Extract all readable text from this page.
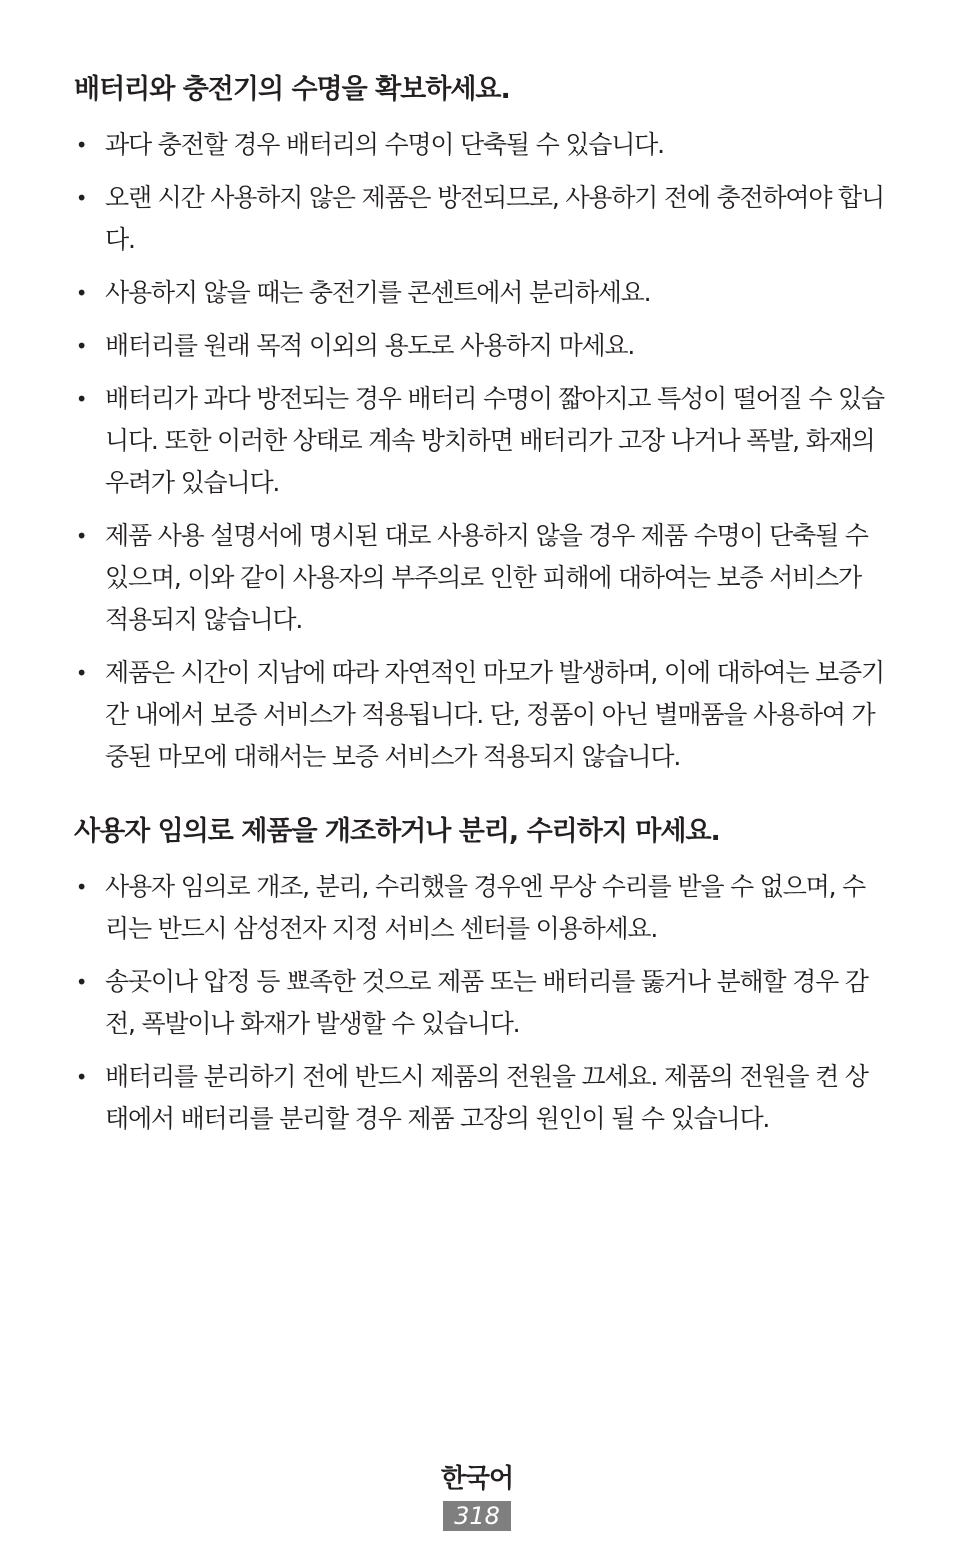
배터리와 충전기의 수명을 확보하세요.
• 과다 충전할 경우 배터리의 수명이 단축될 수 있습니다.
• 오랜 시간 사용하지 않은 제품은 방전되므로, 사용하기 전에 충전하여야 합니다.
• 사용하지 않을 때는 충전기를 콘센트에서 분리하세요.
• 배터리를 원래 목적 이외의 용도로 사용하지 마세요.
• 배터리가 과다 방전되는 경우 배터리 수명이 짧아지고 특성이 떨어질 수 있습니다. 또한 이러한 상태로 계속 방치하면 배터리가 고장 나거나 폭발, 화재의 우려가 있습니다.
• 제품 사용 설명서에 명시된 대로 사용하지 않을 경우 제품 수명이 단축될 수 있으며, 이와 같이 사용자의 부주의로 인한 피해에 대하여는 보증 서비스가 적용되지 않습니다.
• 제품은 시간이 지남에 따라 자연적인 마모가 발생하며, 이에 대하여는 보증기간 내에서 보증 서비스가 적용됩니다. 단, 정품이 아닌 별매품을 사용하여 가중된 마모에 대해서는 보증 서비스가 적용되지 않습니다.
사용자 임의로 제품을 개조하거나 분리, 수리하지 마세요.
• 사용자 임의로 개조, 분리, 수리했을 경우엔 무상 수리를 받을 수 없으며, 수리는 반드시 삼성전자 지정 서비스 센터를 이용하세요.
• 송곳이나 압정 등 뾰족한 것으로 제품 또는 배터리를 뚫거나 분해할 경우 감전, 폭발이나 화재가 발생할 수 있습니다.
• 배터리를 분리하기 전에 반드시 제품의 전원을 끄세요. 제품의 전원을 켠 상태에서 배터리를 분리할 경우 제품 고장의 원인이 될 수 있습니다.
한국어
318
